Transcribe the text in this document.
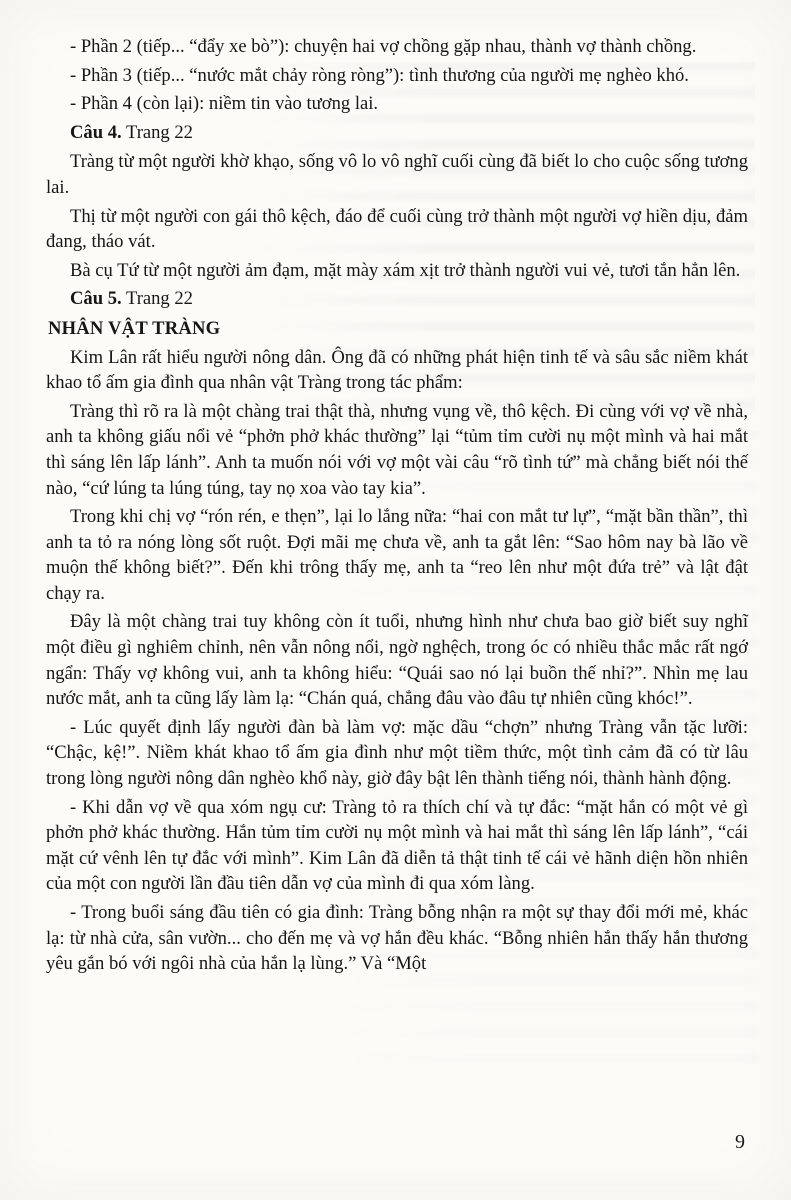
- Phần 2 (tiếp... “đẩy xe bò”): chuyện hai vợ chồng gặp nhau, thành vợ thành chồng.

- Phần 3 (tiếp... “nước mắt chảy ròng ròng”): tình thương của người mẹ nghèo khó.

- Phần 4 (còn lại): niềm tin vào tương lai.

Câu 4. Trang 22

Tràng từ một người khờ khạo, sống vô lo vô nghĩ cuối cùng đã biết lo cho cuộc sống tương lai.

Thị từ một người con gái thô kệch, đáo để cuối cùng trở thành một người vợ hiền dịu, đảm đang, tháo vát.

Bà cụ Tứ từ một người ảm đạm, mặt mày xám xịt trở thành người vui vẻ, tươi tắn hẳn lên.

Câu 5. Trang 22

NHÂN VẬT TRÀNG

Kim Lân rất hiểu người nông dân. Ông đã có những phát hiện tinh tế và sâu sắc niềm khát khao tổ ấm gia đình qua nhân vật Tràng trong tác phẩm:

Tràng thì rõ ra là một chàng trai thật thà, nhưng vụng về, thô kệch. Đi cùng với vợ về nhà, anh ta không giấu nổi vẻ “phởn phở khác thường” lại “tủm tỉm cười nụ một mình và hai mắt thì sáng lên lấp lánh”. Anh ta muốn nói với vợ một vài câu “rõ tình tứ” mà chẳng biết nói thế nào, “cứ lúng ta lúng túng, tay nọ xoa vào tay kia”.

Trong khi chị vợ “rón rén, e thẹn”, lại lo lắng nữa: “hai con mắt tư lự”, “mặt bần thần”, thì anh ta tỏ ra nóng lòng sốt ruột. Đợi mãi mẹ chưa về, anh ta gắt lên: “Sao hôm nay bà lão về muộn thế không biết?”. Đến khi trông thấy mẹ, anh ta “reo lên như một đứa trẻ” và lật đật chạy ra.

Đây là một chàng trai tuy không còn ít tuổi, nhưng hình như chưa bao giờ biết suy nghĩ một điều gì nghiêm chỉnh, nên vẫn nông nổi, ngờ nghệch, trong óc có nhiều thắc mắc rất ngớ ngẩn: Thấy vợ không vui, anh ta không hiểu: “Quái sao nó lại buồn thế nhỉ?”. Nhìn mẹ lau nước mắt, anh ta cũng lấy làm lạ: “Chán quá, chẳng đâu vào đâu tự nhiên cũng khóc!”.

- Lúc quyết định lấy người đàn bà làm vợ: mặc dầu “chợn” nhưng Tràng vẫn tặc lưỡi: “Chậc, kệ!”. Niềm khát khao tổ ấm gia đình như một tiềm thức, một tình cảm đã có từ lâu trong lòng người nông dân nghèo khổ này, giờ đây bật lên thành tiếng nói, thành hành động.

- Khi dẫn vợ về qua xóm ngụ cư: Tràng tỏ ra thích chí và tự đắc: “mặt hắn có một vẻ gì phởn phở khác thường. Hắn tủm tỉm cười nụ một mình và hai mắt thì sáng lên lấp lánh”, “cái mặt cứ vênh lên tự đắc với mình”. Kim Lân đã diễn tả thật tinh tế cái vẻ hãnh diện hồn nhiên của một con người lần đầu tiên dẫn vợ của mình đi qua xóm làng.

- Trong buổi sáng đầu tiên có gia đình: Tràng bỗng nhận ra một sự thay đổi mới mẻ, khác lạ: từ nhà cửa, sân vườn... cho đến mẹ và vợ hắn đều khác. “Bỗng nhiên hắn thấy hắn thương yêu gắn bó với ngôi nhà của hắn lạ lùng.” Và “Một

9
